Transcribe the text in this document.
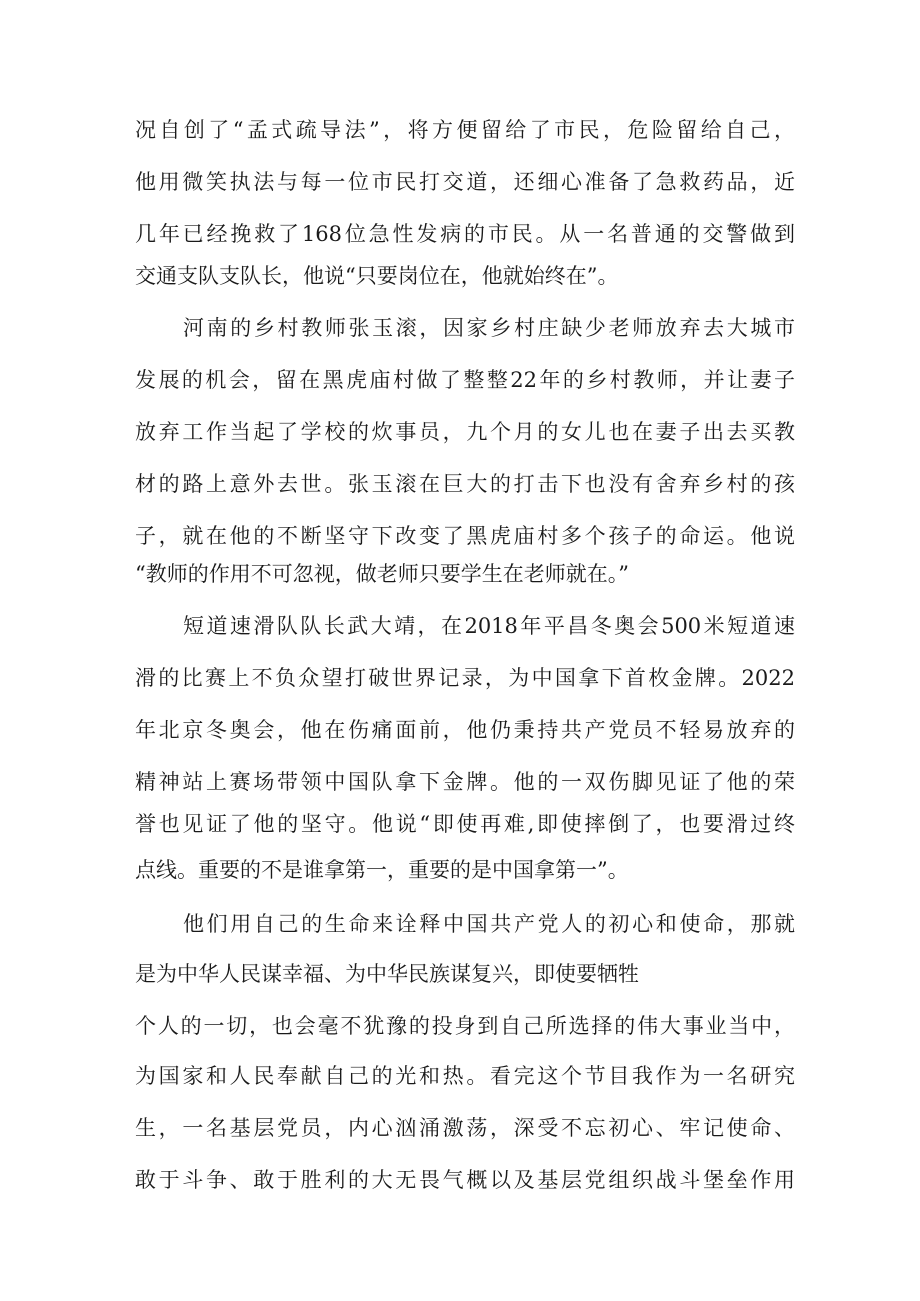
况自创了“孟式疏导法”，将方便留给了市民，危险留给自己，
他用微笑执法与每一位市民打交道，还细心准备了急救药品，近
几年已经挽救了168位急性发病的市民。从一名普通的交警做到
交通支队支队长，他说“只要岗位在，他就始终在”。
河南的乡村教师张玉滚，因家乡村庄缺少老师放弃去大城市
发展的机会，留在黑虎庙村做了整整22年的乡村教师，并让妻子
放弃工作当起了学校的炊事员，九个月的女儿也在妻子出去买教
材的路上意外去世。张玉滚在巨大的打击下也没有舍弃乡村的孩
子，就在他的不断坚守下改变了黑虎庙村多个孩子的命运。他说
“教师的作用不可忽视，做老师只要学生在老师就在。”
短道速滑队队长武大靖，在2018年平昌冬奥会500米短道速
滑的比赛上不负众望打破世界记录，为中国拿下首枚金牌。2022
年北京冬奥会，他在伤痛面前，他仍秉持共产党员不轻易放弃的
精神站上赛场带领中国队拿下金牌。他的一双伤脚见证了他的荣
誉也见证了他的坚守。他说“即使再难,即使摔倒了，也要滑过终
点线。重要的不是谁拿第一，重要的是中国拿第一”。
他们用自己的生命来诠释中国共产党人的初心和使命，那就
是为中华人民谋幸福、为中华民族谋复兴，即使要牺牲
个人的一切，也会毫不犹豫的投身到自己所选择的伟大事业当中，
为国家和人民奉献自己的光和热。看完这个节目我作为一名研究
生，一名基层党员，内心汹涌激荡，深受不忘初心、牢记使命、
敢于斗争、敢于胜利的大无畏气概以及基层党组织战斗堡垒作用
